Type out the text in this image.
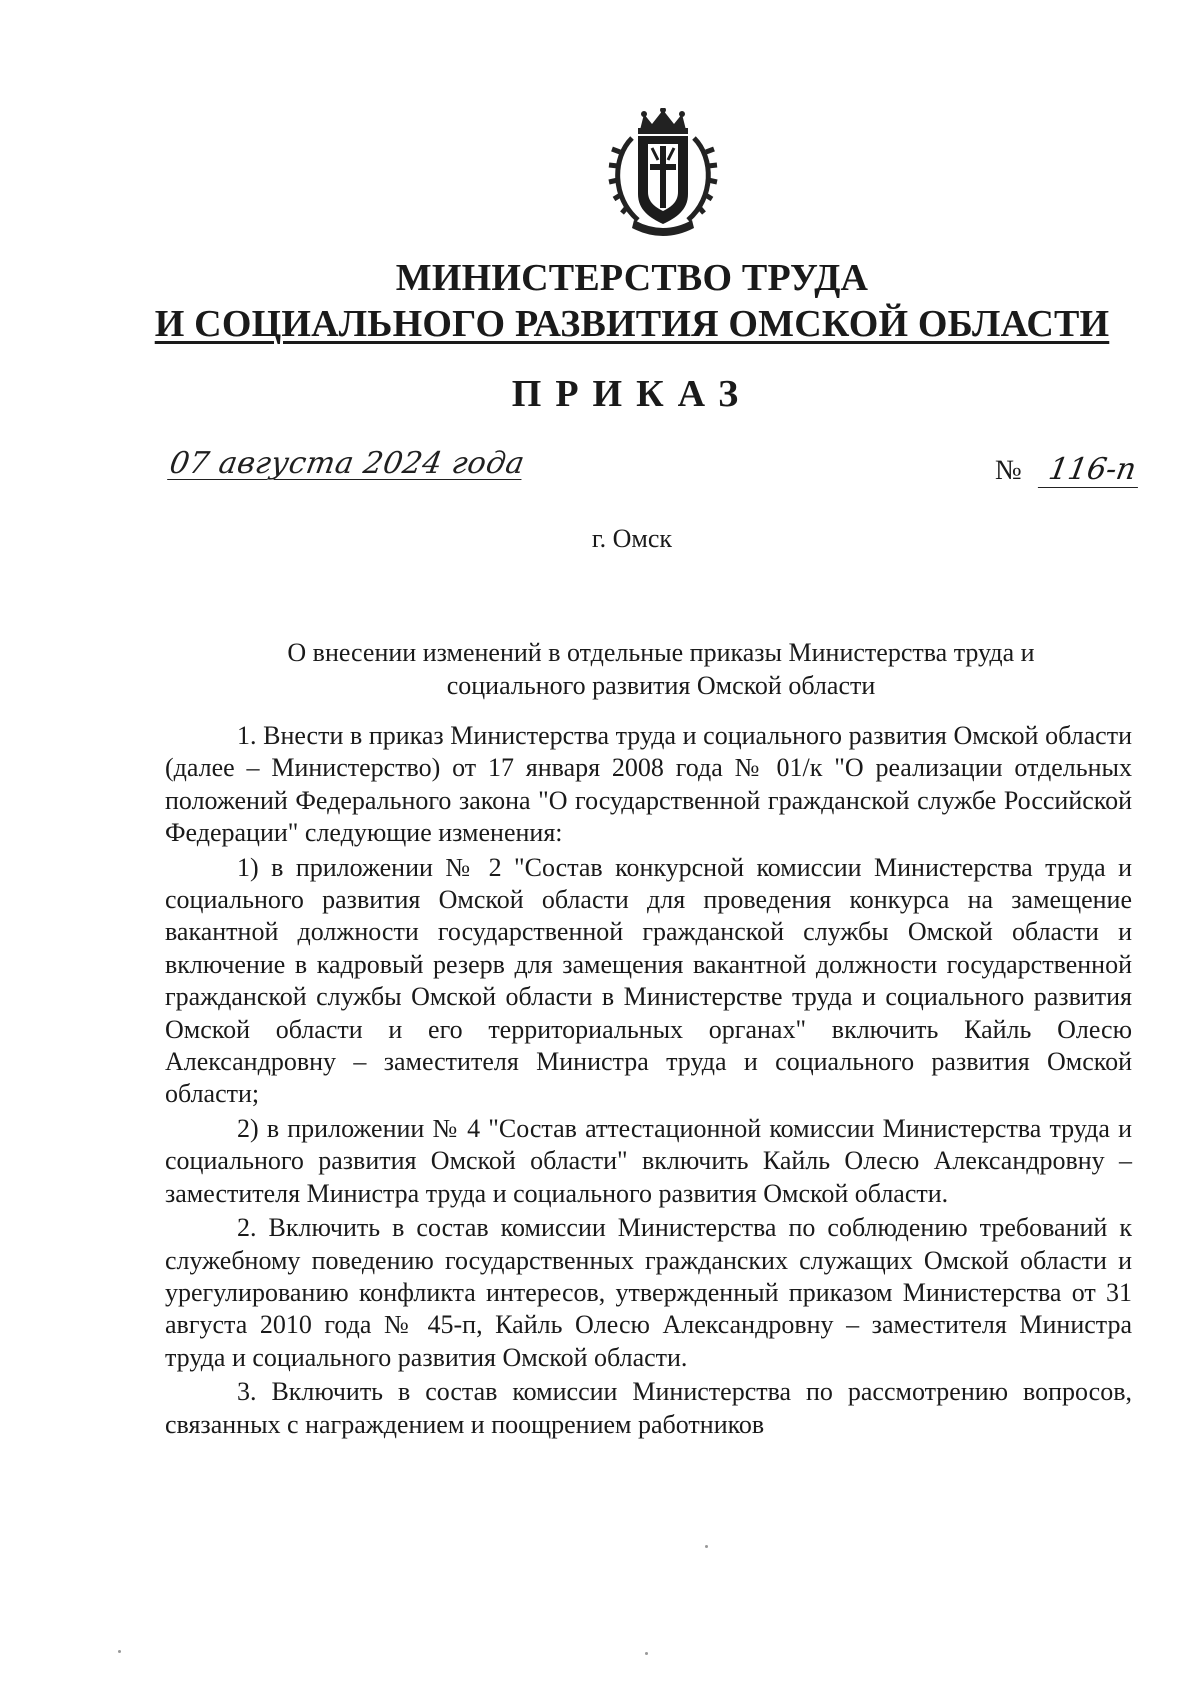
МИНИСТЕРСТВО ТРУДА
И СОЦИАЛЬНОГО РАЗВИТИЯ ОМСКОЙ ОБЛАСТИ
ПРИКАЗ
07 августа 2024 года	№ 116-п
г. Омск
О внесении изменений в отдельные приказы Министерства труда и
социального развития Омской области

1. Внести в приказ Министерства труда и социального развития Омской области (далее – Министерство) от 17 января 2008 года № 01/к "О реализации отдельных положений Федерального закона "О государственной гражданской службе Российской Федерации" следующие изменения:

1) в приложении № 2 "Состав конкурсной комиссии Министерства труда и социального развития Омской области для проведения конкурса на замещение вакантной должности государственной гражданской службы Омской области и включение в кадровый резерв для замещения вакантной должности государственной гражданской службы Омской области в Министерстве труда и социального развития Омской области и его территориальных органах" включить Кайль Олесю Александровну – заместителя Министра труда и социального развития Омской области;

2) в приложении № 4 "Состав аттестационной комиссии Министерства труда и социального развития Омской области" включить Кайль Олесю Александровну – заместителя Министра труда и социального развития Омской области.

2. Включить в состав комиссии Министерства по соблюдению требований к служебному поведению государственных гражданских служащих Омской области и урегулированию конфликта интересов, утвержденный приказом Министерства от 31 августа 2010 года № 45-п, Кайль Олесю Александровну – заместителя Министра труда и социального развития Омской области.

3. Включить в состав комиссии Министерства по рассмотрению вопросов, связанных с награждением и поощрением работников
